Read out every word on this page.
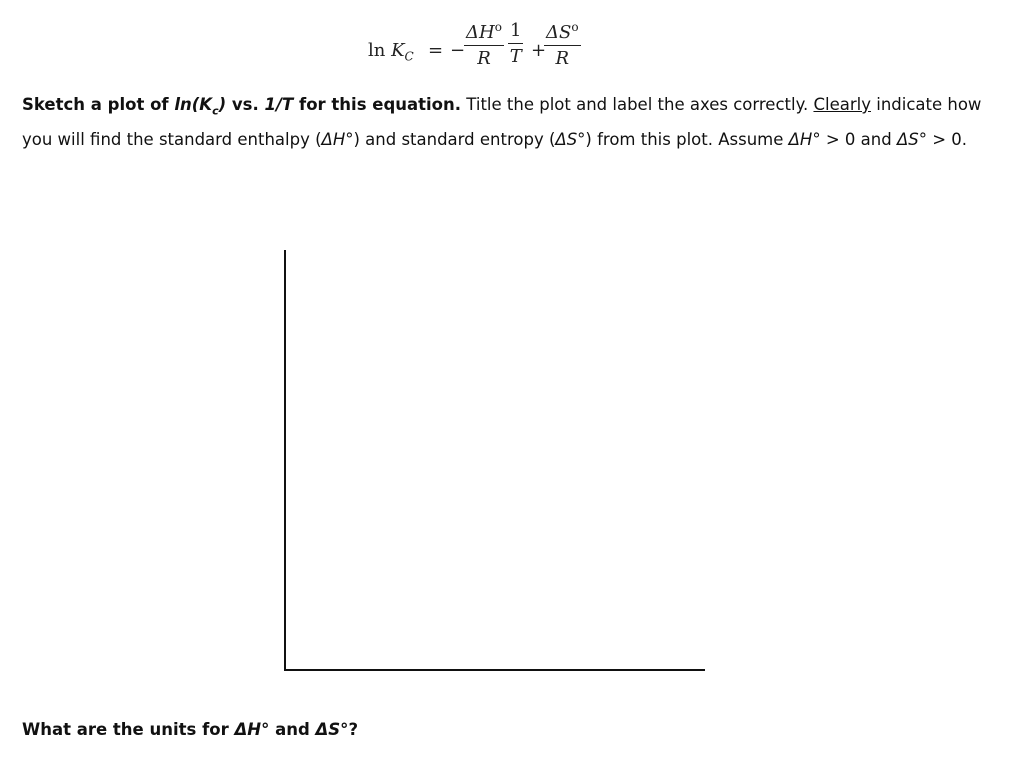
$\ln K_C$ = −
$\Delta H^o$
R $\frac{1}{T}$ +
$\Delta S^o$
R
Sketch a plot of $\ln(K_c)$ vs. 1/T for this equation. Title the plot and label the axes correctly. Clearly indicate how you will find the standard enthalpy (ΔH°) and standard entropy (ΔS°) from this plot. Assume ΔH° > 0 and ΔS° > 0.
What are the units for ΔH° and ΔS°?
